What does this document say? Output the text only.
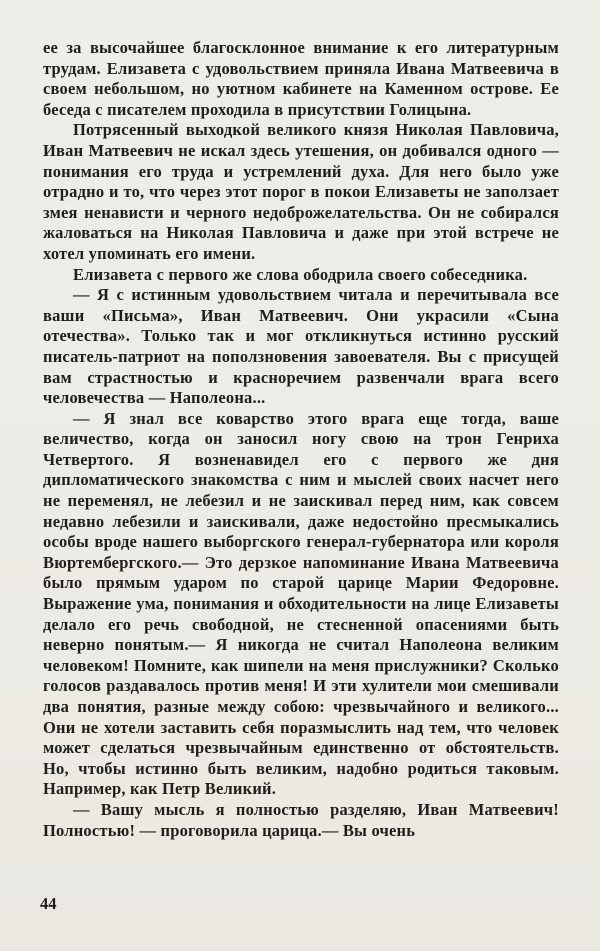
ее за высочайшее благосклонное внимание к его литературным трудам. Елизавета с удовольствием приняла Ивана Матвеевича в своем небольшом, но уютном кабинете на Каменном острове. Ее беседа с писателем проходила в присутствии Голицына.

Потрясенный выходкой великого князя Николая Павловича, Иван Матвеевич не искал здесь утешения, он добивался одного — понимания его труда и устремлений духа. Для него было уже отрадно и то, что через этот порог в покои Елизаветы не заползает змея ненависти и черного недоброжелательства. Он не собирался жаловаться на Николая Павловича и даже при этой встрече не хотел упоминать его имени.

Елизавета с первого же слова ободрила своего собеседника.

— Я с истинным удовольствием читала и перечитывала все ваши «Письма», Иван Матвеевич. Они украсили «Сына отечества». Только так и мог откликнуться истинно русский писатель-патриот на поползновения завоевателя. Вы с присущей вам страстностью и красноречием развенчали врага всего человечества — Наполеона...

— Я знал все коварство этого врага еще тогда, ваше величество, когда он заносил ногу свою на трон Генриха Четвертого. Я возненавидел его с первого же дня дипломатического знакомства с ним и мыслей своих насчет него не переменял, не лебезил и не заискивал перед ним, как совсем недавно лебезили и заискивали, даже недостойно пресмыкались особы вроде нашего выборгского генерал-губернатора или короля Вюртембергского.— Это дерзкое напоминание Ивана Матвеевича было прямым ударом по старой царице Марии Федоровне. Выражение ума, понимания и обходительности на лице Елизаветы делало его речь свободной, не стесненной опасениями быть неверно понятым.— Я никогда не считал Наполеона великим человеком! Помните, как шипели на меня прислужники? Сколько голосов раздавалось против меня! И эти хулители мои смешивали два понятия, разные между собою: чрезвычайного и великого... Они не хотели заставить себя поразмыслить над тем, что человек может сделаться чрезвычайным единственно от обстоятельств. Но, чтобы истинно быть великим, надобно родиться таковым. Например, как Петр Великий.

— Вашу мысль я полностью разделяю, Иван Матвеевич! Полностью! — проговорила царица.— Вы очень

44
